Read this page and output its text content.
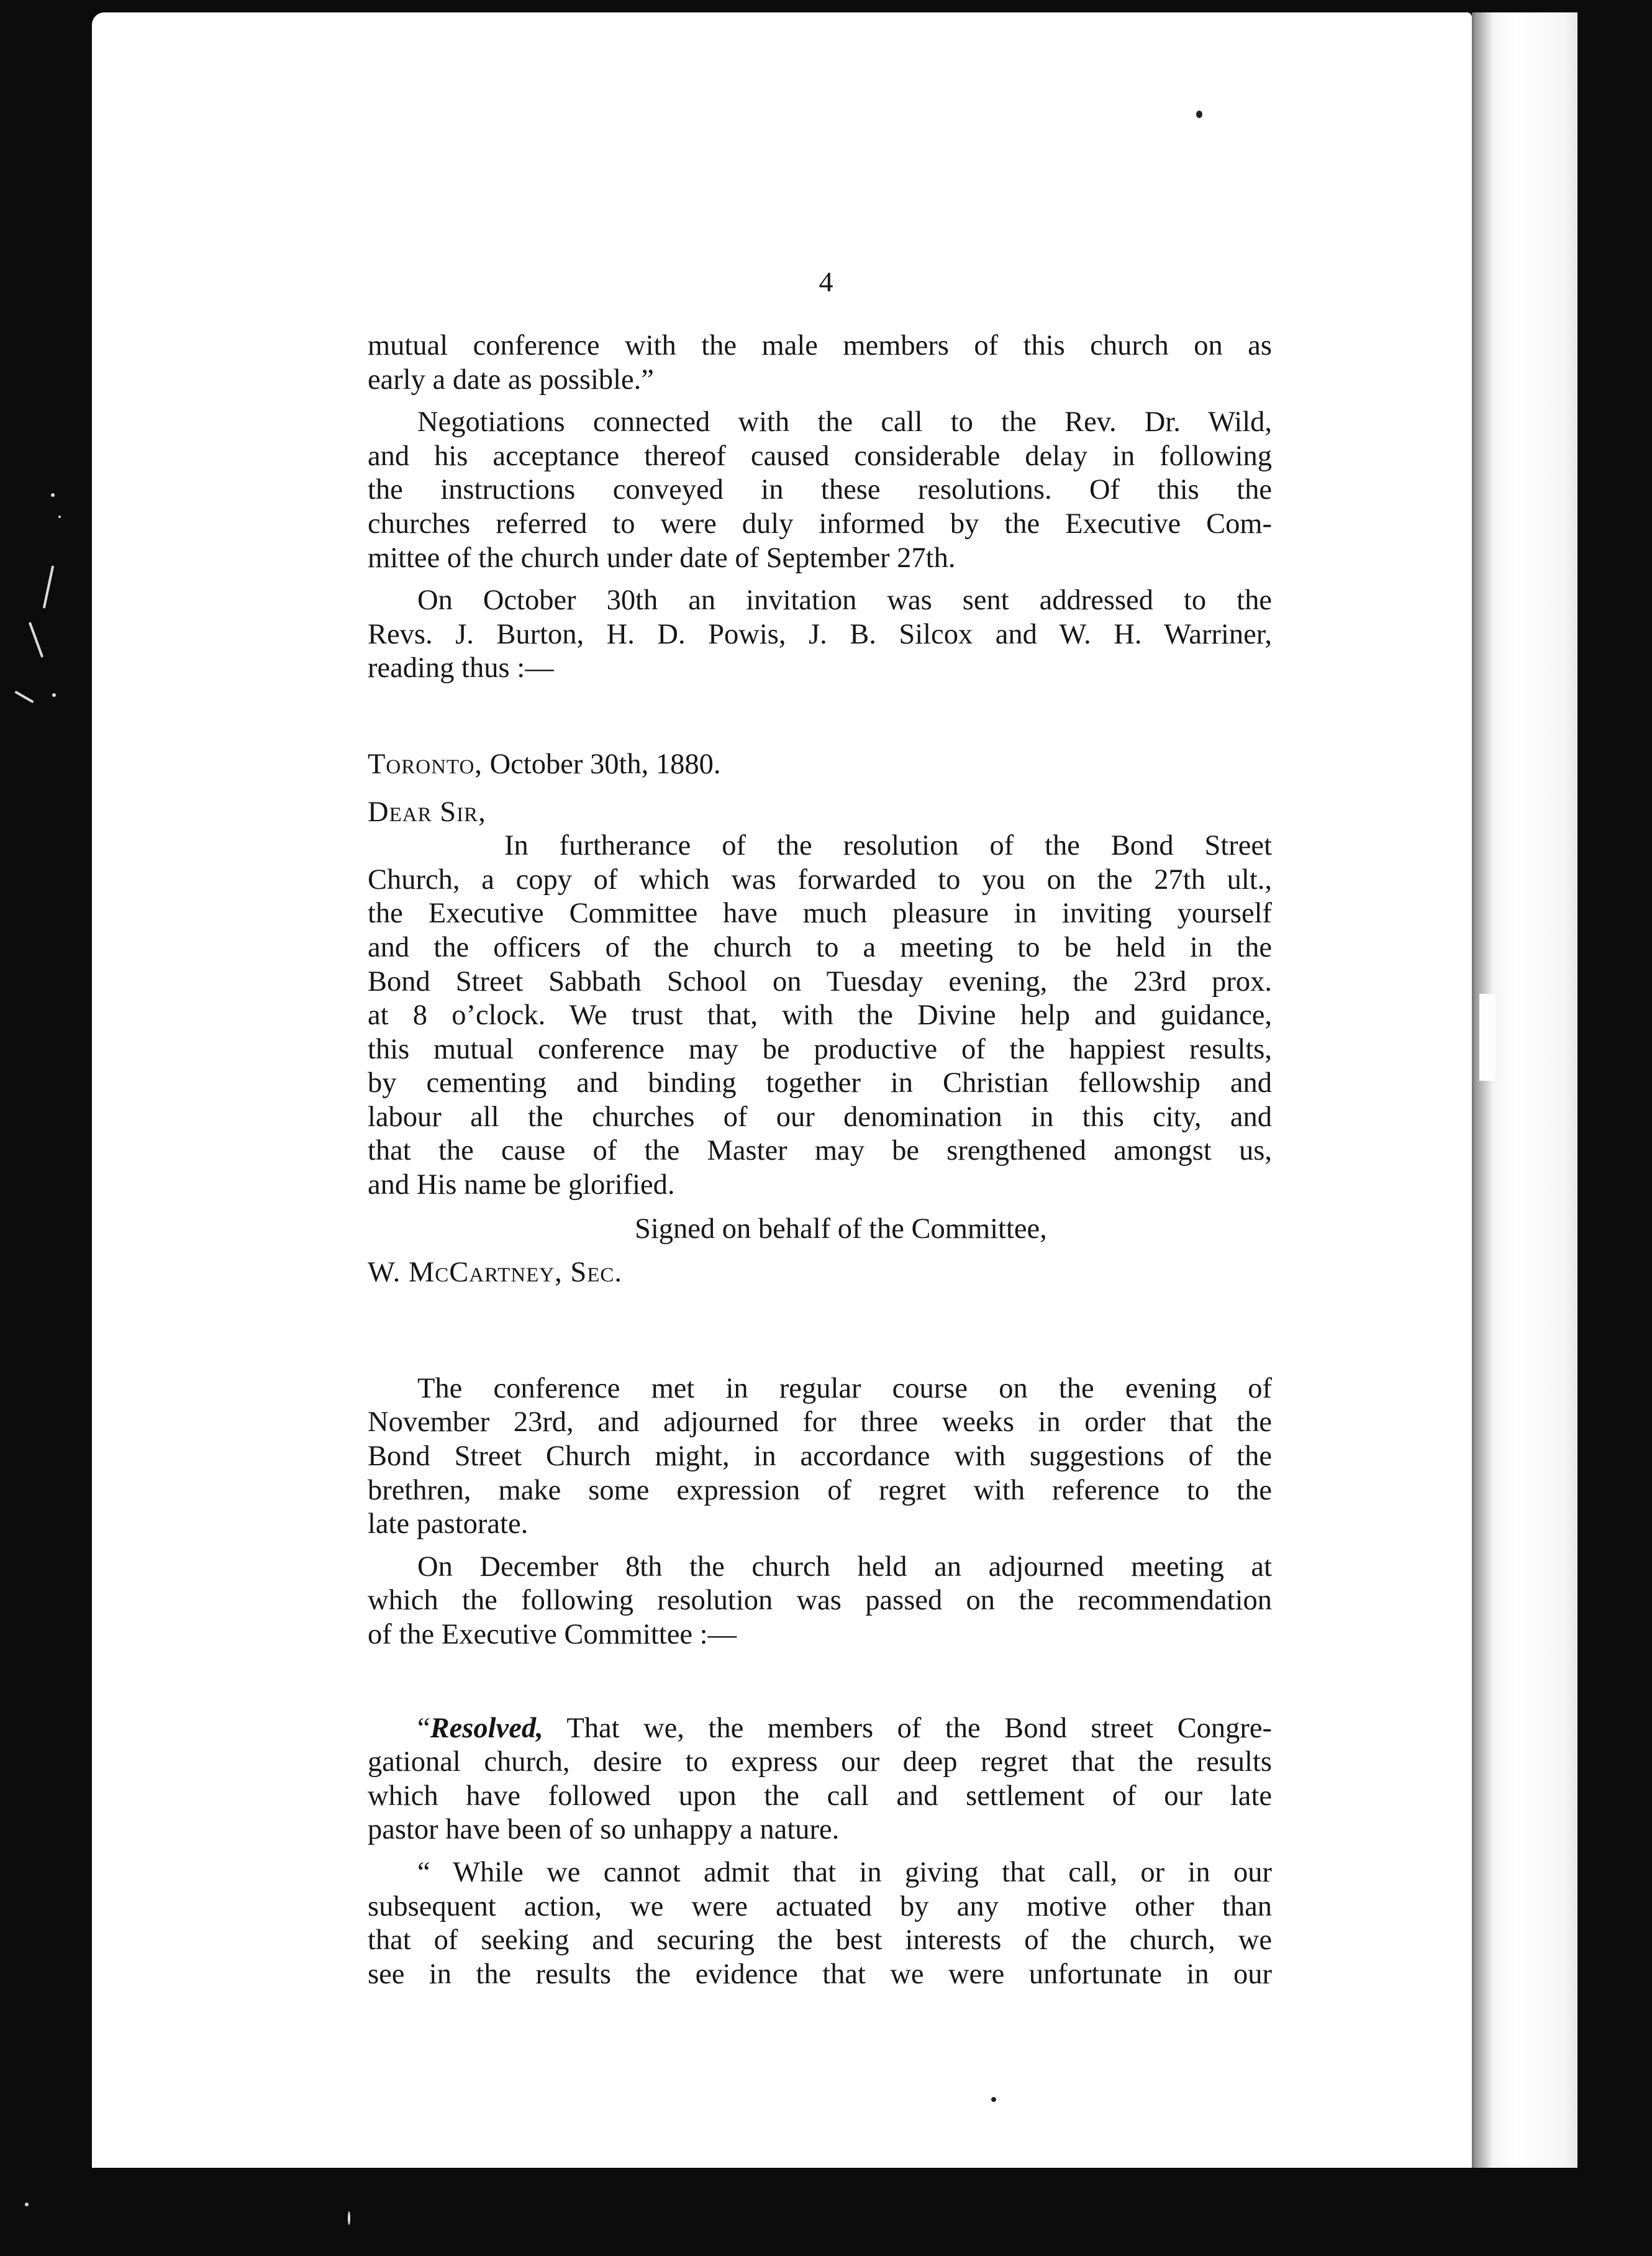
4

mutual conference with the male members of this church on as

early a date as possible.”

Negotiations connected with the call to the Rev. Dr. Wild,

and his acceptance thereof caused considerable delay in following

the instructions conveyed in these resolutions. Of this the

churches referred to were duly informed by the Executive Com-

mittee of the church under date of September 27th.

On October 30th an invitation was sent addressed to the

Revs. J. Burton, H. D. Powis, J. B. Silcox and W. H. Warriner,

reading thus :—

Toronto, October 30th, 1880.

Dear Sir,

In furtherance of the resolution of the Bond Street

Church, a copy of which was forwarded to you on the 27th ult.,

the Executive Committee have much pleasure in inviting yourself

and the officers of the church to a meeting to be held in the

Bond Street Sabbath School on Tuesday evening, the 23rd prox.

at 8 o’clock. We trust that, with the Divine help and guidance,

this mutual conference may be productive of the happiest results,

by cementing and binding together in Christian fellowship and

labour all the churches of our denomination in this city, and

that the cause of the Master may be srengthened amongst us,

and His name be glorified.

Signed on behalf of the Committee,

W. McCartney, Sec.

The conference met in regular course on the evening of

November 23rd, and adjourned for three weeks in order that the

Bond Street Church might, in accordance with suggestions of the

brethren, make some expression of regret with reference to the

late pastorate.

On December 8th the church held an adjourned meeting at

which the following resolution was passed on the recommendation

of the Executive Committee :—

“Resolved, That we, the members of the Bond street Congre-

gational church, desire to express our deep regret that the results

which have followed upon the call and settlement of our late

pastor have been of so unhappy a nature.

“ While we cannot admit that in giving that call, or in our

subsequent action, we were actuated by any motive other than

that of seeking and securing the best interests of the church, we

see in the results the evidence that we were unfortunate in our
